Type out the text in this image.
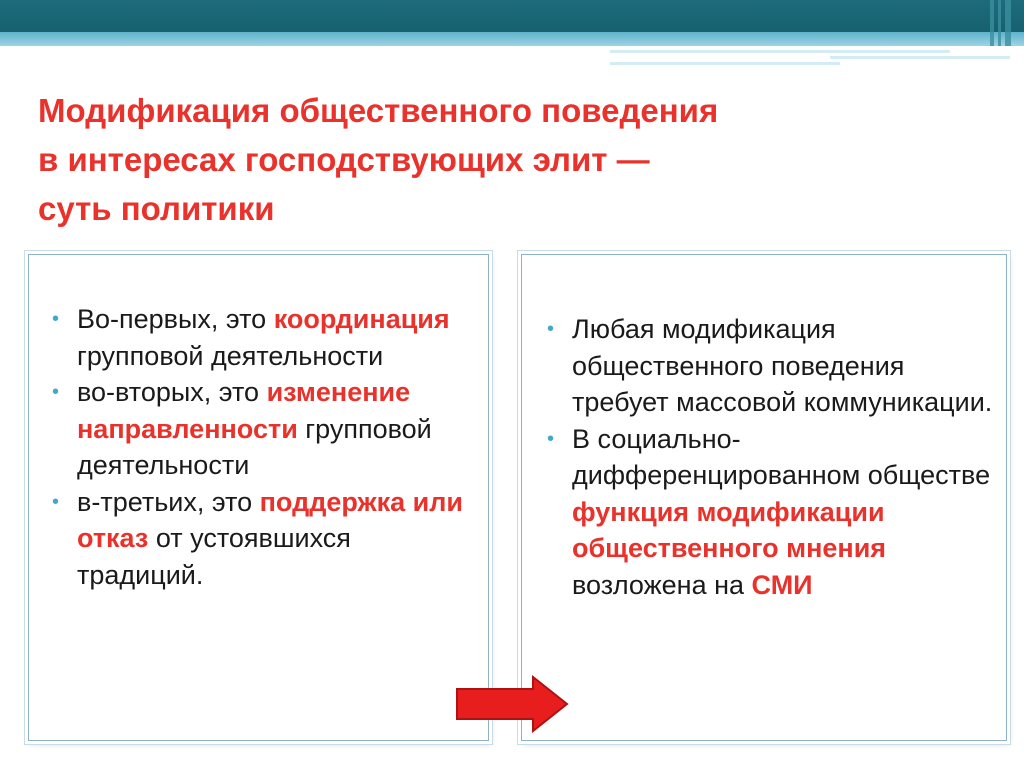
Модификация общественного поведения
в интересах господствующих элит —
суть политики
• Во-первых, это координация групповой деятельности
• во-вторых, это изменение направленности групповой деятельности
• в-третьих, это поддержка или отказ от устоявшихся традиций.
• Любая модификация общественного поведения требует массовой коммуникации.
• В социально-дифференцированном обществе функция модификации общественного мнения возложена на СМИ
